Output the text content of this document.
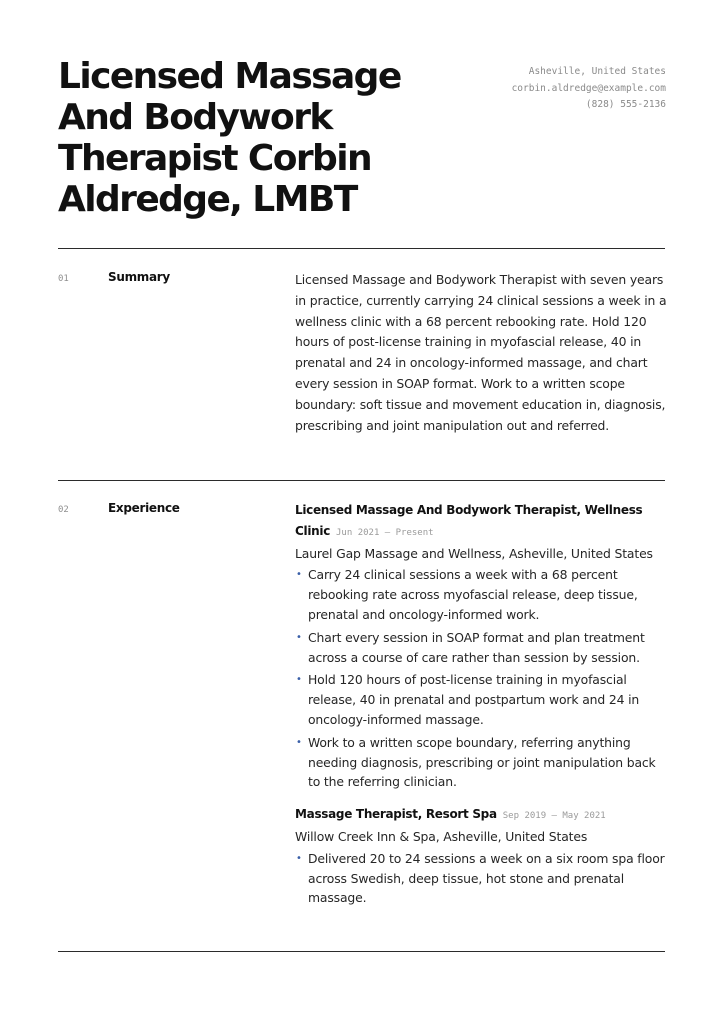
Licensed Massage And Bodywork Therapist Corbin Aldredge, LMBT
Asheville, United States
corbin.aldredge@example.com
(828) 555-2136
01	Summary	Licensed Massage and Bodywork Therapist with seven years in practice, currently carrying 24 clinical sessions a week in a wellness clinic with a 68 percent rebooking rate. Hold 120 hours of post-license training in myofascial release, 40 in prenatal and 24 in oncology-informed massage, and chart every session in SOAP format. Work to a written scope boundary: soft tissue and movement education in, diagnosis, prescribing and joint manipulation out and referred.
02	Experience	Licensed Massage And Bodywork Therapist, Wellness Clinic Jun 2021 – Present
Laurel Gap Massage and Wellness, Asheville, United States
• Carry 24 clinical sessions a week with a 68 percent rebooking rate across myofascial release, deep tissue, prenatal and oncology-informed work.
• Chart every session in SOAP format and plan treatment across a course of care rather than session by session.
• Hold 120 hours of post-license training in myofascial release, 40 in prenatal and postpartum work and 24 in oncology-informed massage.
• Work to a written scope boundary, referring anything needing diagnosis, prescribing or joint manipulation back to the referring clinician.
Massage Therapist, Resort Spa Sep 2019 – May 2021
Willow Creek Inn & Spa, Asheville, United States
• Delivered 20 to 24 sessions a week on a six room spa floor across Swedish, deep tissue, hot stone and prenatal massage.
